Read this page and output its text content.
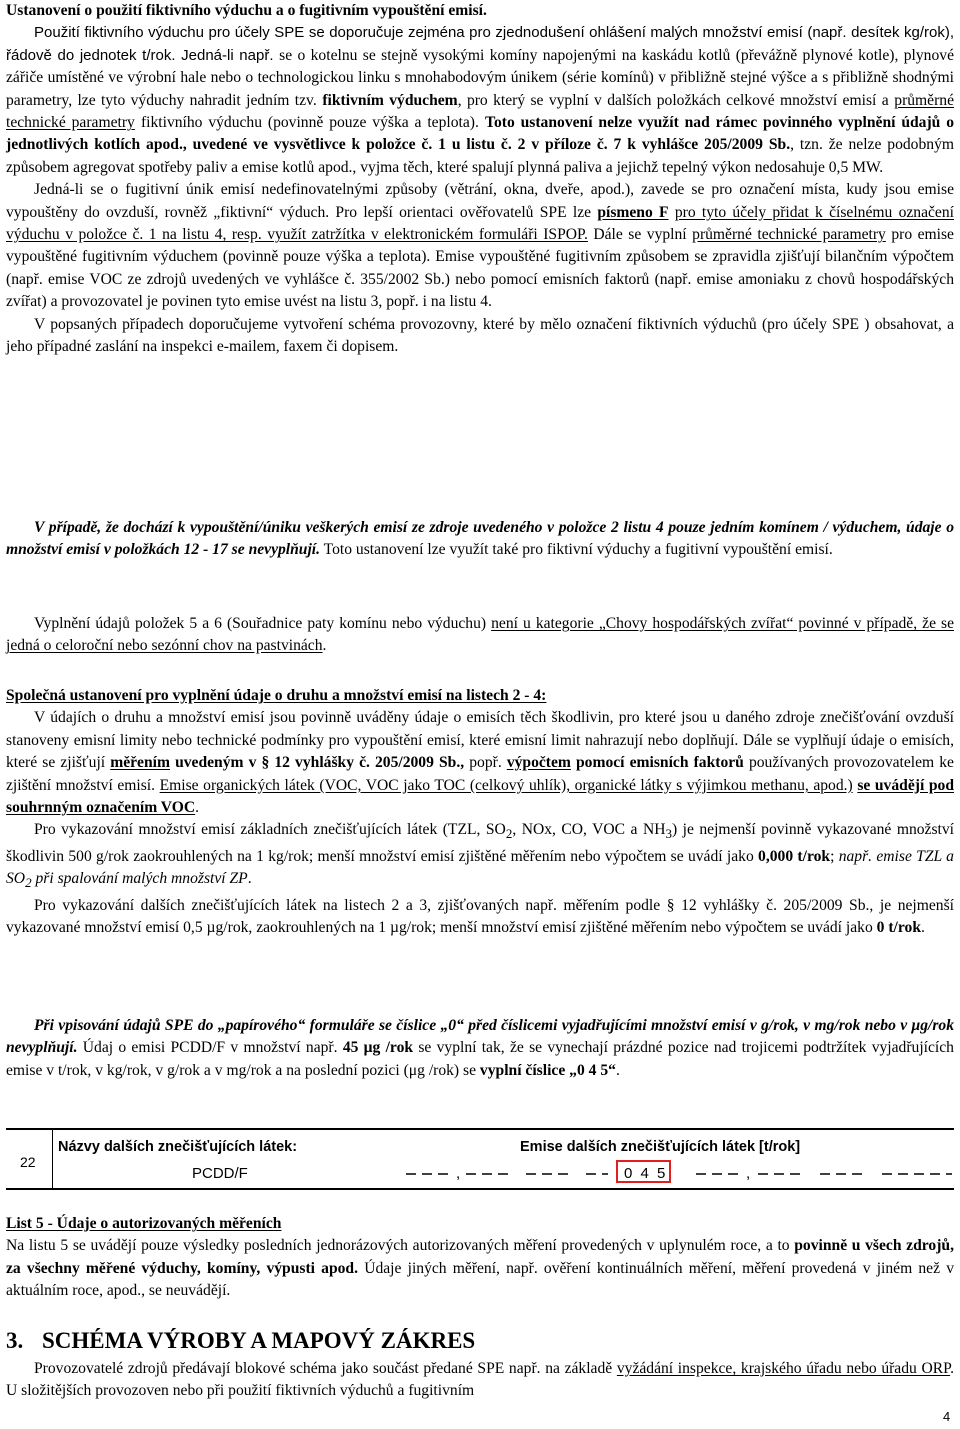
Ustanovení o použití fiktivního výduchu a o fugitivním vypouštění emisí.

Použití fiktivního výduchu pro účely SPE se doporučuje zejména pro zjednodušení ohlášení malých množství emisí (např. desítek kg/rok), řádově do jednotek t/rok. Jedná-li např. se o kotelnu se stejně vysokými komíny napojenými na kaskádu kotlů (převážně plynové kotle), plynové zářiče umístěné ve výrobní hale nebo o technologickou linku s mnohabodovým únikem (série komínů) v přibližně stejné výšce a s přibližně shodnými parametry, lze tyto výduchy nahradit jedním tzv. fiktivním výduchem, pro který se vyplní v dalších položkách celkové množství emisí a průměrné technické parametry fiktivního výduchu (povinně pouze výška a teplota). Toto ustanovení nelze využít nad rámec povinného vyplnění údajů o jednotlivých kotlích apod., uvedené ve vysvětlivce k položce č. 1 u listu č. 2 v příloze č. 7 k vyhlášce 205/2009 Sb., tzn. že nelze podobným způsobem agregovat spotřeby paliv a emise kotlů apod., vyjma těch, které spalují plynná paliva a jejichž tepelný výkon nedosahuje 0,5 MW.

Jedná-li se o fugitivní únik emisí nedefinovatelnými způsoby (větrání, okna, dveře, apod.), zavede se pro označení místa, kudy jsou emise vypouštěny do ovzduší, rovněž „fiktivní“ výduch. Pro lepší orientaci ověřovatelů SPE lze písmeno F pro tyto účely přidat k číselnému označení výduchu v položce č. 1 na listu 4, resp. využít zatržítka v elektronickém formuláři ISPOP. Dále se vyplní průměrné technické parametry pro emise vypouštěné fugitivním výduchem (povinně pouze výška a teplota). Emise vypouštěné fugitivním způsobem se zpravidla zjišťují bilančním výpočtem (např. emise VOC ze zdrojů uvedených ve vyhlášce č. 355/2002 Sb.) nebo pomocí emisních faktorů (např. emise amoniaku z chovů hospodářských zvířat) a provozovatel je povinen tyto emise uvést na listu 3, popř. i na listu 4.

V popsaných případech doporučujeme vytvoření schéma provozovny, které by mělo označení fiktivních výduchů (pro účely SPE ) obsahovat, a jeho případné zaslání na inspekci e-mailem, faxem či dopisem.

V případě, že dochází k vypouštění/úniku veškerých emisí ze zdroje uvedeného v položce 2 listu 4 pouze jedním komínem / výduchem, údaje o množství emisí v položkách 12 - 17 se nevyplňují. Toto ustanovení lze využít také pro fiktivní výduchy a fugitivní vypouštění emisí.

Vyplnění údajů položek 5 a 6 (Souřadnice paty komínu nebo výduchu) není u kategorie „Chovy hospodářských zvířat“ povinné v případě, že se jedná o celoroční nebo sezónní chov na pastvinách.

Společná ustanovení pro vyplnění údaje o druhu a množství emisí na listech 2 - 4:

V údajích o druhu a množství emisí jsou povinně uváděny údaje o emisích těch škodlivin, pro které jsou u daného zdroje znečišťování ovzduší stanoveny emisní limity nebo technické podmínky pro vypouštění emisí, které emisní limit nahrazují nebo doplňují. Dále se vyplňují údaje o emisích, které se zjišťují měřením uvedeným v § 12 vyhlášky č. 205/2009 Sb., popř. výpočtem pomocí emisních faktorů používaných provozovatelem ke zjištění množství emisí. Emise organických látek (VOC, VOC jako TOC (celkový uhlík), organické látky s výjimkou methanu, apod.) se uvádějí pod souhrnným označením VOC.

Pro vykazování množství emisí základních znečišťujících látek (TZL, $SO_2$, NOx, CO, VOC a $NH_3$) je nejmenší povinně vykazované množství škodlivin 500 g/rok zaokrouhlených na 1 kg/rok; menší množství emisí zjištěné měřením nebo výpočtem se uvádí jako 0,000 t/rok; např. emise TZL a $SO_2$ při spalování malých množství ZP.

Pro vykazování dalších znečišťujících látek na listech 2 a 3, zjišťovaných např. měřením podle § 12 vyhlášky č. 205/2009 Sb., je nejmenší vykazované množství emisí 0,5 µg/rok, zaokrouhlených na 1 µg/rok; menší množství emisí zjištěné měřením nebo výpočtem se uvádí jako 0 t/rok.

Při vpisování údajů SPE do „papírového“ formuláře se číslice „0“ před číslicemi vyjadřujícími množství emisí v g/rok, v mg/rok nebo v μg/rok nevyplňují. Údaj o emisi PCDD/F v množství např. 45 μg /rok se vyplní tak, že se vynechají prázdné pozice nad trojicemi podtržítek vyjadřujících emise v t/rok, v kg/rok, v g/rok a v mg/rok a na poslední pozici (μg /rok) se vyplní číslice „0 4 5“.

22
Názvy dalších znečišťujících látek:	Emise dalších znečišťujících látek [t/rok]
PCDD/F	,	0 4 5	,

List 5 - Údaje o autorizovaných měřeních

Na listu 5 se uvádějí pouze výsledky posledních jednorázových autorizovaných měření provedených v uplynulém roce, a to povinně u všech zdrojů, za všechny měřené výduchy, komíny, výpusti apod. Údaje jiných měření, např. ověření kontinuálních měření, měření provedená v jiném než v aktuálním roce, apod., se neuvádějí.

3. SCHÉMA VÝROBY A MAPOVÝ ZÁKRES

Provozovatelé zdrojů předávají blokové schéma jako součást předané SPE např. na základě vyžádání inspekce, krajského úřadu nebo úřadu ORP. U složitějších provozoven nebo při použití fiktivních výduchů a fugitivním

4
